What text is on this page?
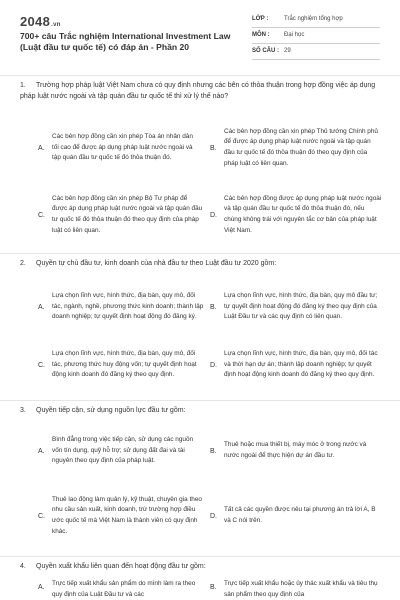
2048.vn
700+ câu Trắc nghiệm International Investment Law (Luật đầu tư quốc tế) có đáp án - Phần 20
LỚP :	Trắc nghiệm tổng hợp
MÔN : Đại học
SỐ CÂU : 29
1. Trường hợp pháp luật Việt Nam chưa có quy định nhưng các bên có thỏa thuận trong hợp đồng việc áp dụng pháp luật nước ngoài và tập quán đầu tư quốc tế thì xử lý thế nào?
A.
Các bên hợp đồng cần xin phép Tòa án nhân dân tối cao để được áp dụng pháp luật nước ngoài và tập quán đầu tư quốc tế đó thỏa thuận đó.
B.
Các bên hợp đồng cần xin phép Thủ tướng Chính phủ để được áp dụng pháp luật nước ngoài và tập quán đầu tư quốc tế đó thỏa thuận đó theo quy định của pháp luật có liên quan.
C.
Các bên hợp đồng cần xin phép Bộ Tư pháp để được áp dụng pháp luật nước ngoài và tập quán đầu tư quốc tế đó thỏa thuận đó theo quy định của pháp luật có liên quan.
D.
Các bên hợp đồng được áp dụng pháp luật nước ngoài và tập quán đầu tư quốc tế đó thỏa thuận đó, nếu chúng không trái với nguyên tắc cơ bản của pháp luật Việt Nam.
2. Quyền tự chủ đầu tư, kinh doanh của nhà đầu tư theo Luật đầu tư 2020 gồm:
A.
Lựa chọn lĩnh vực, hình thức, địa bàn, quy mô, đối tác, ngành, nghề, phương thức kinh doanh; thành lập doanh nghiệp; tự quyết định hoạt động đó đăng ký.
B.
Lựa chọn lĩnh vực, hình thức, địa bàn, quy mô đầu tư; tự quyết định hoạt động đó đăng ký theo quy định của Luật Đầu tư và các quy định có liên quan.
C.
Lựa chọn lĩnh vực, hình thức, địa bàn, quy mô, đối tác, phương thức huy động vốn; tự quyết định hoạt động kinh doanh đó đăng ký theo quy định.
D.
Lựa chọn lĩnh vực, hình thức, địa bàn, quy mô, đối tác và thời hạn dự án; thành lập doanh nghiệp; tự quyết định hoạt động kinh doanh đó đăng ký theo quy định.
3. Quyền tiếp cận, sử dụng nguồn lực đầu tư gồm:
A.
Bình đẳng trong việc tiếp cận, sử dụng các nguồn vốn tín dụng, quỹ hỗ trợ; sử dụng đất đai và tài nguyên theo quy định của pháp luật.
B.
Thuê hoặc mua thiết bị, máy móc ở trong nước và nước ngoài để thực hiện dự án đầu tư.
C.
Thuê lao động làm quản lý, kỹ thuật, chuyên gia theo nhu cầu sản xuất, kinh doanh, trừ trường hợp điều ước quốc tế mà Việt Nam là thành viên có quy định khác.
D.
Tất cả các quyền được nêu tại phương án trả lời A, B và C nói trên.
4. Quyền xuất khẩu liên quan đến hoạt động đầu tư gồm:
A.
Trực tiếp xuất khẩu sản phẩm do mình làm ra theo quy định của Luật Đầu tư và các
B.
Trực tiếp xuất khẩu hoặc ủy thác xuất khẩu và tiêu thụ sản phẩm theo quy định của
